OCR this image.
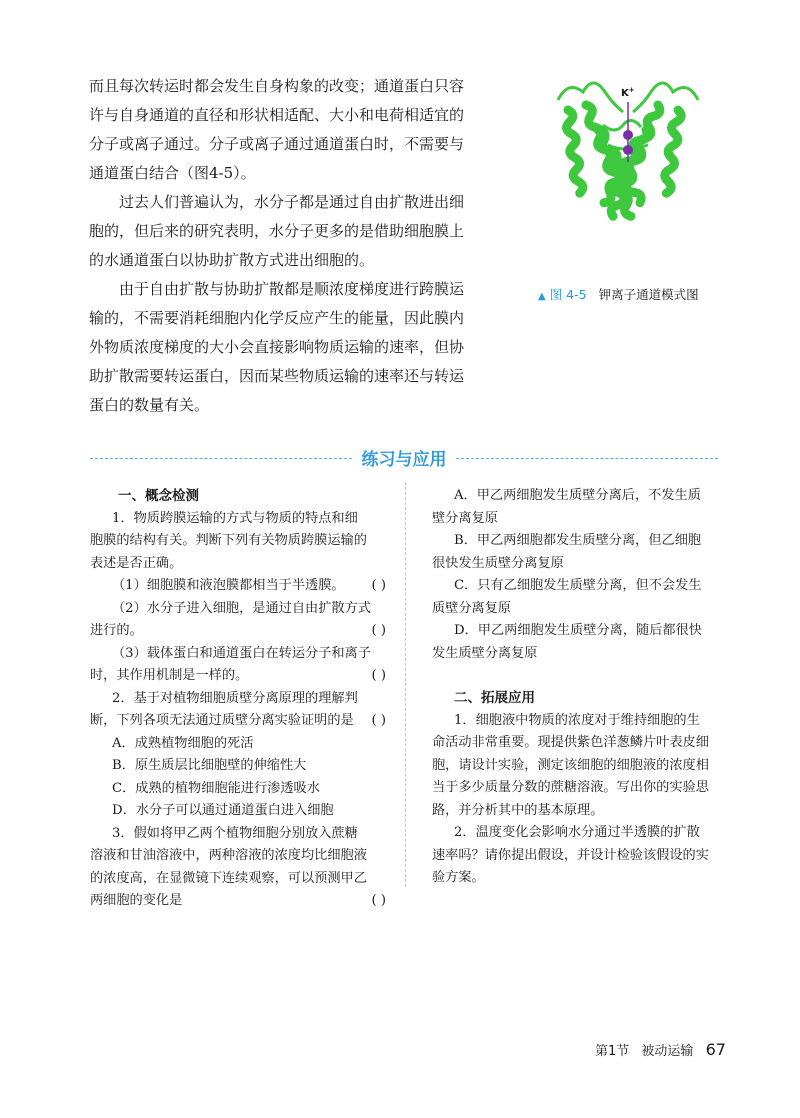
而且每次转运时都会发生自身构象的改变；通道蛋白只容

许与自身通道的直径和形状相适配、大小和电荷相适宜的

分子或离子通过。分子或离子通过通道蛋白时，不需要与

通道蛋白结合（图4-5）。

过去人们普遍认为，水分子都是通过自由扩散进出细

胞的，但后来的研究表明，水分子更多的是借助细胞膜上

的水通道蛋白以协助扩散方式进出细胞的。

由于自由扩散与协助扩散都是顺浓度梯度进行跨膜运

输的，不需要消耗细胞内化学反应产生的能量，因此膜内

外物质浓度梯度的大小会直接影响物质运输的速率，但协

助扩散需要转运蛋白，因而某些物质运输的速率还与转运

蛋白的数量有关。

K+
▲ 图 4-5 钾离子通道模式图
练习与应用

一、概念检测

1．物质跨膜运输的方式与物质的特点和细

胞膜的结构有关。判断下列有关物质跨膜运输的

表述是否正确。

（1）细胞膜和液泡膜都相当于半透膜。 ( )

（2）水分子进入细胞，是通过自由扩散方式

进行的。	( )

（3）载体蛋白和通道蛋白在转运分子和离子

时，其作用机制是一样的。	( )

2．基于对植物细胞质壁分离原理的理解判

断，下列各项无法通过质壁分离实验证明的是 ( )

A．成熟植物细胞的死活

B．原生质层比细胞壁的伸缩性大

C．成熟的植物细胞能进行渗透吸水

D．水分子可以通过通道蛋白进入细胞

3．假如将甲乙两个植物细胞分别放入蔗糖

溶液和甘油溶液中，两种溶液的浓度均比细胞液

的浓度高，在显微镜下连续观察，可以预测甲乙

两细胞的变化是	( )

A．甲乙两细胞发生质壁分离后，不发生质

壁分离复原

B．甲乙两细胞都发生质壁分离，但乙细胞

很快发生质壁分离复原

C．只有乙细胞发生质壁分离，但不会发生

质壁分离复原

D．甲乙两细胞发生质壁分离，随后都很快

发生质壁分离复原

二、拓展应用

1．细胞液中物质的浓度对于维持细胞的生

命活动非常重要。现提供紫色洋葱鳞片叶表皮细

胞，请设计实验，测定该细胞的细胞液的浓度相

当于多少质量分数的蔗糖溶液。写出你的实验思

路，并分析其中的基本原理。

2．温度变化会影响水分通过半透膜的扩散

速率吗？请你提出假设，并设计检验该假设的实

验方案。

第1节 被动运输 67
